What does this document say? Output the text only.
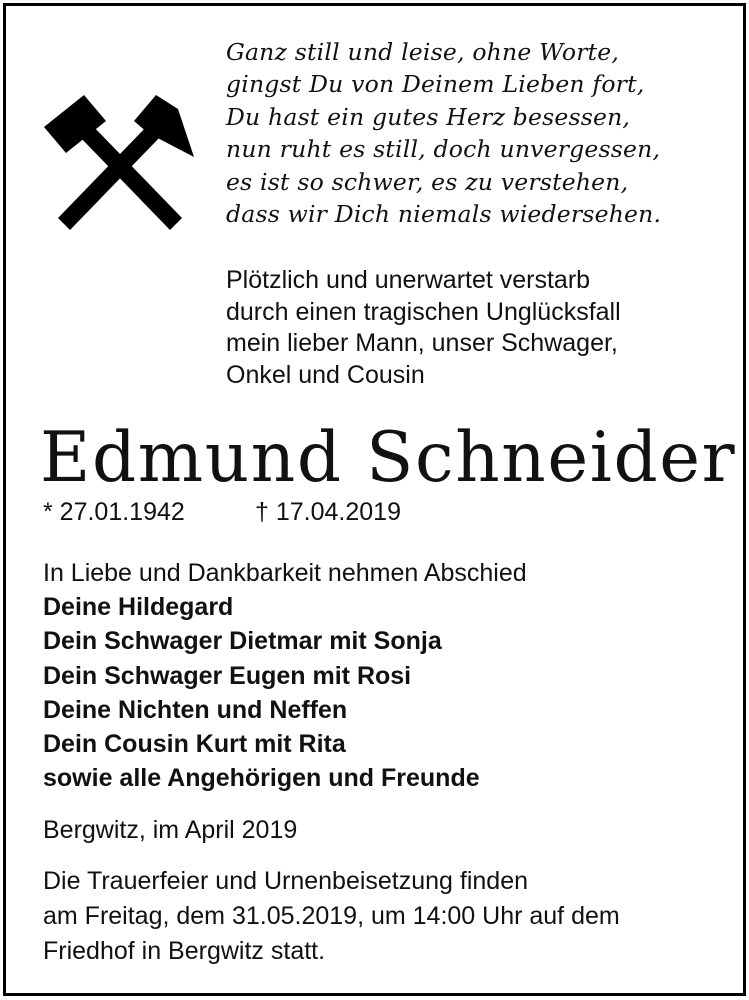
Ganz still und leise, ohne Worte,
gingst Du von Deinem Lieben fort,
Du hast ein gutes Herz besessen,
nun ruht es still, doch unvergessen,
es ist so schwer, es zu verstehen,
dass wir Dich niemals wiedersehen.
Plötzlich und unerwartet verstarb
durch einen tragischen Unglücksfall
mein lieber Mann, unser Schwager,
Onkel und Cousin
Edmund Schneider
* 27.01.1942	† 17.04.2019
In Liebe und Dankbarkeit nehmen Abschied
Deine Hildegard
Dein Schwager Dietmar mit Sonja
Dein Schwager Eugen mit Rosi
Deine Nichten und Neffen
Dein Cousin Kurt mit Rita
sowie alle Angehörigen und Freunde
Bergwitz, im April 2019
Die Trauerfeier und Urnenbeisetzung finden
am Freitag, dem 31.05.2019, um 14:00 Uhr auf dem
Friedhof in Bergwitz statt.
